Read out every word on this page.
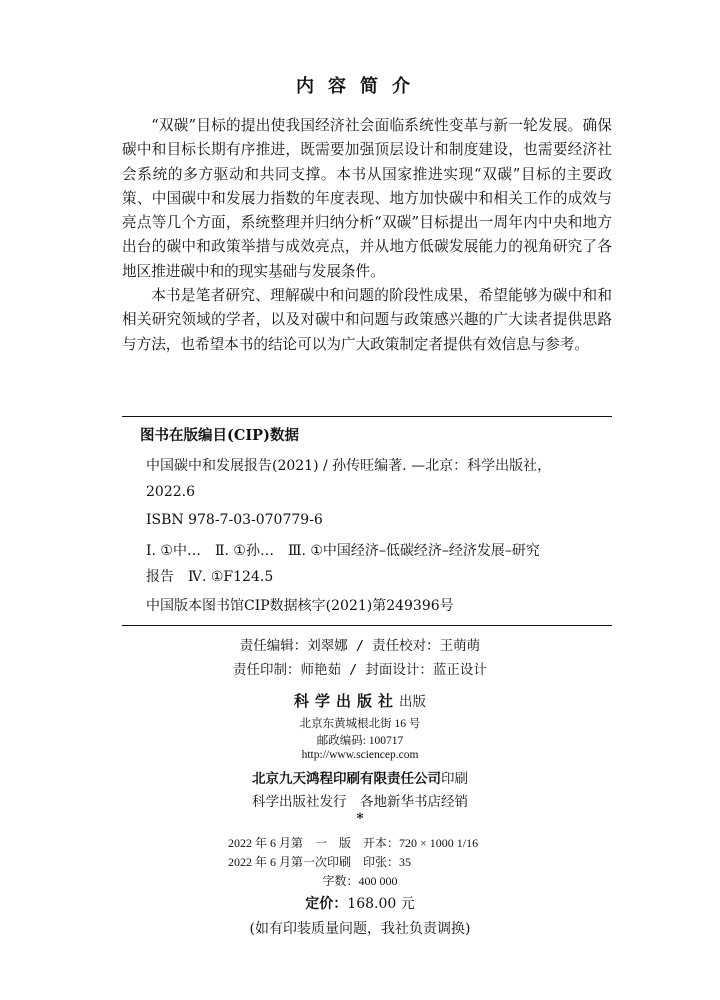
内容简介

“双碳”目标的提出使我国经济社会面临系统性变革与新一轮发展。确保碳中和目标长期有序推进，既需要加强顶层设计和制度建设，也需要经济社会系统的多方驱动和共同支撑。本书从国家推进实现“双碳”目标的主要政策、中国碳中和发展力指数的年度表现、地方加快碳中和相关工作的成效与亮点等几个方面，系统整理并归纳分析“双碳”目标提出一周年内中央和地方出台的碳中和政策举措与成效亮点，并从地方低碳发展能力的视角研究了各地区推进碳中和的现实基础与发展条件。

本书是笔者研究、理解碳中和问题的阶段性成果，希望能够为碳中和和相关研究领域的学者，以及对碳中和问题与政策感兴趣的广大读者提供思路与方法，也希望本书的结论可以为广大政策制定者提供有效信息与参考。

图书在版编目(CIP)数据
中国碳中和发展报告(2021) / 孙传旺编著. —北京：科学出版社，
2022.6
ISBN 978-7-03-070779-6
Ⅰ. ①中…　Ⅱ. ①孙…　Ⅲ. ①中国经济–低碳经济–经济发展–研究
报告　Ⅳ. ①F124.5
中国版本图书馆CIP数据核字(2021)第249396号
责任编辑：刘翠娜 / 责任校对：王萌萌
责任印制：师艳茹 / 封面设计：蓝正设计
科学出版社出版
北京东黄城根北街 16 号
邮政编码: 100717
http://www.sciencep.com
北京九天鸿程印刷有限责任公司印刷
科学出版社发行　各地新华书店经销
*
2022 年 6 月第　一　版　开本：720 × 1000 1/16
2022 年 6 月第一次印刷　印张：35
字数：400 000
定价：168.00 元
(如有印装质量问题，我社负责调换)
